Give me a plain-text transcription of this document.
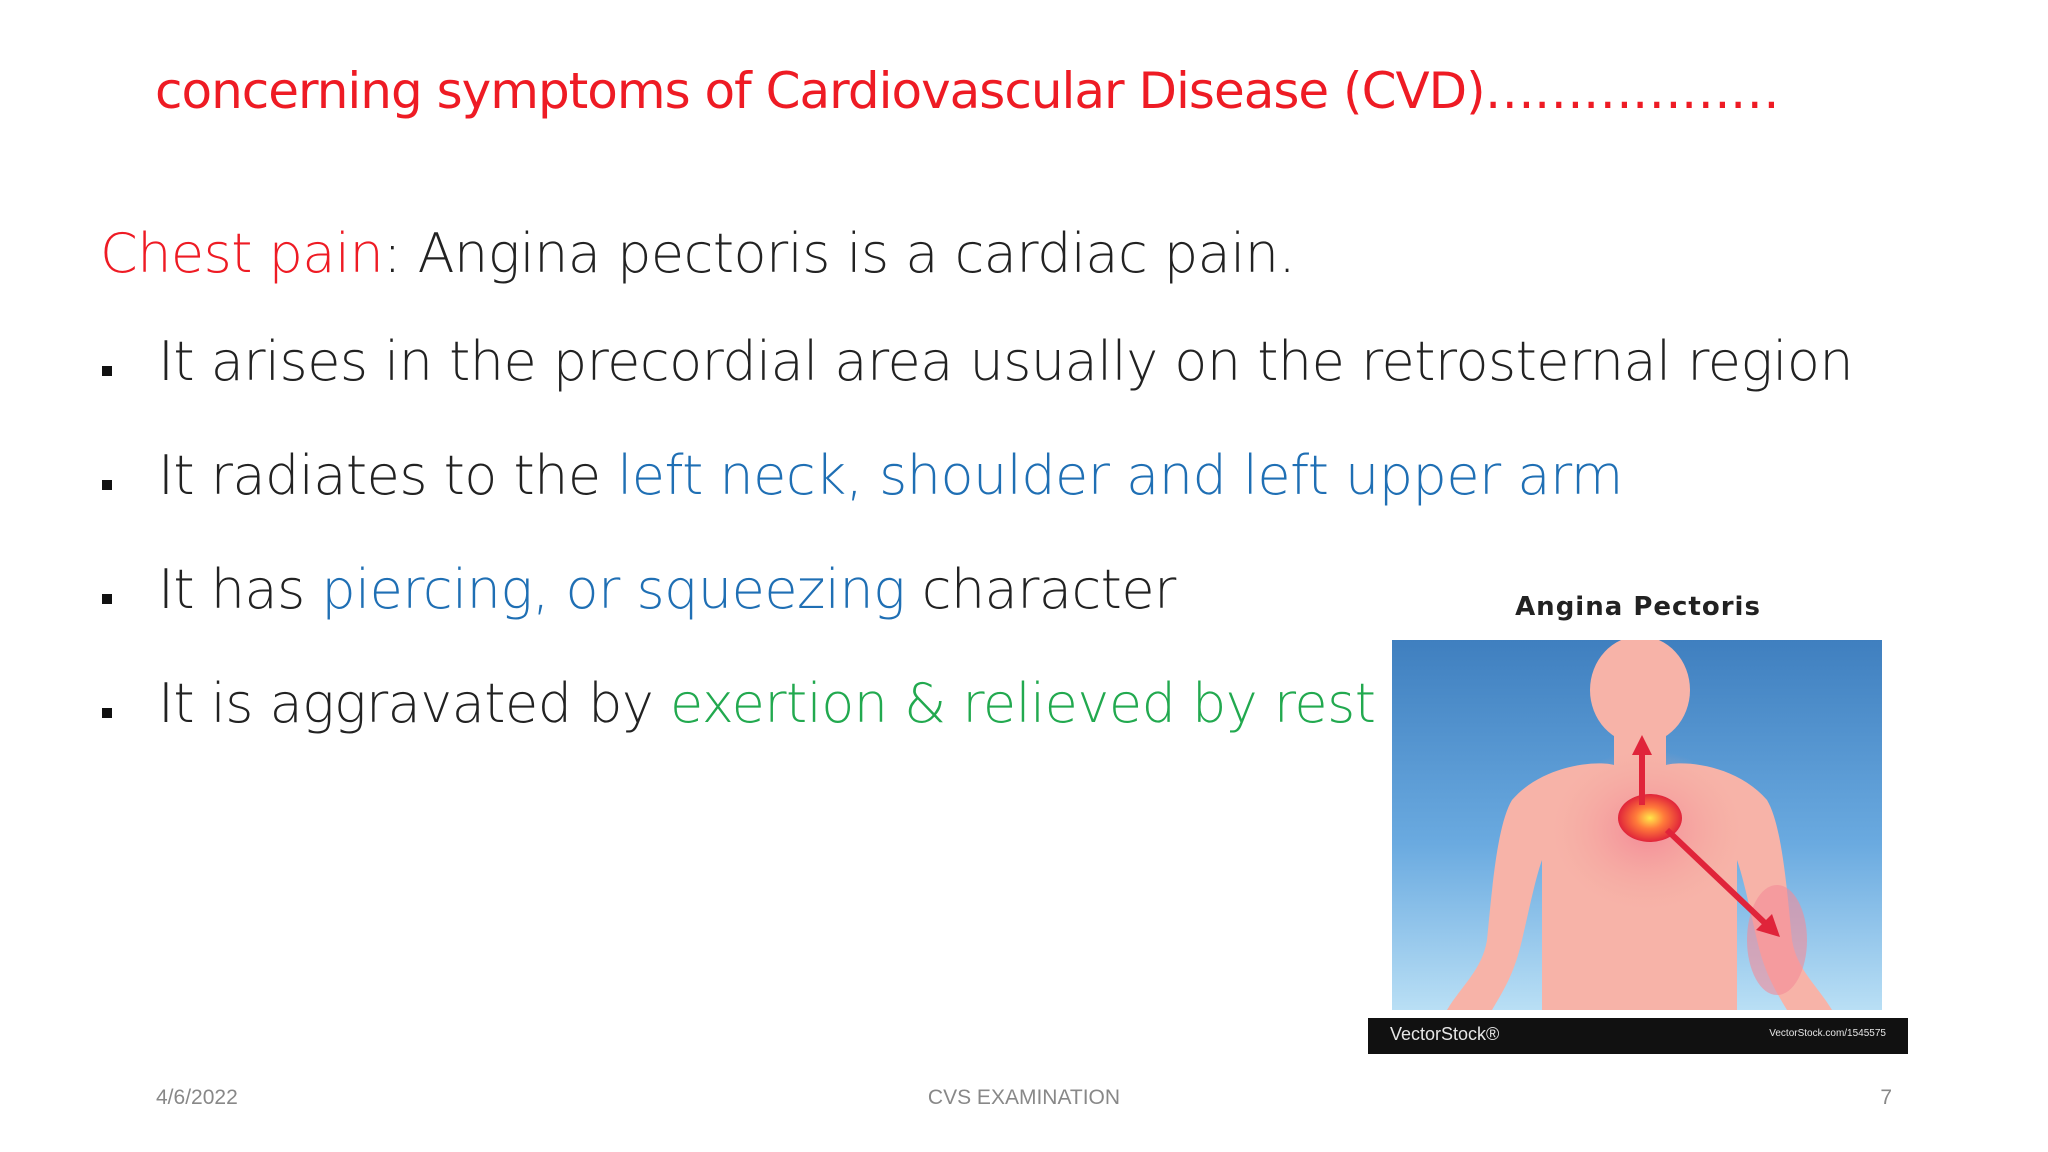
concerning symptoms of Cardiovascular Disease (CVD)………………
Chest pain: Angina pectoris is a cardiac pain.
It arises in the precordial area usually on the retrosternal region
It radiates to the left neck, shoulder and left upper arm
It has piercing, or squeezing character
It is aggravated by exertion & relieved by rest
Angina Pectoris
VectorStock®	VectorStock.com/1545575
4/6/2022	CVS EXAMINATION	7
